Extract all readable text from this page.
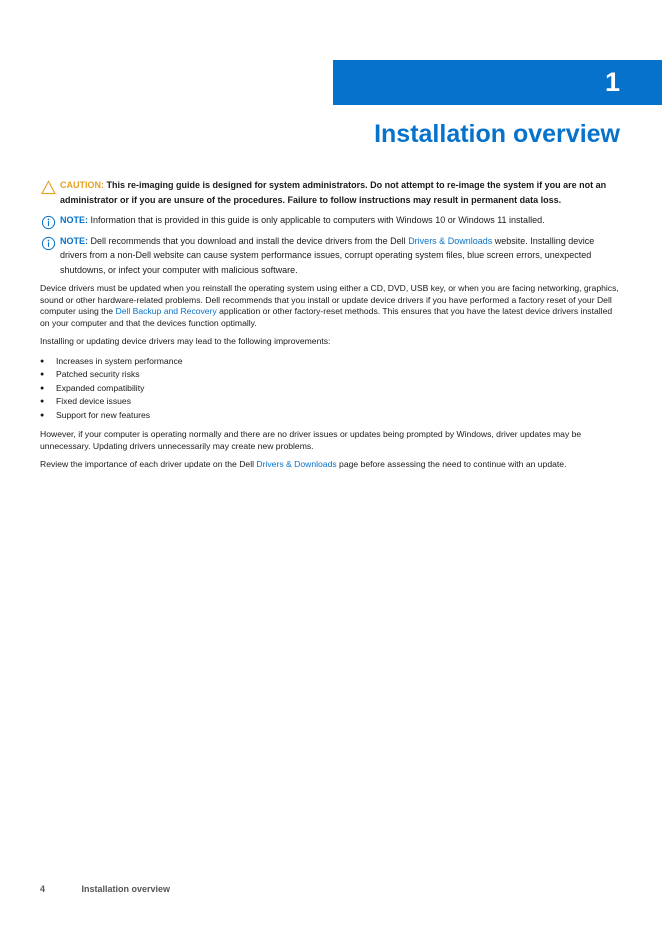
1
Installation overview
CAUTION: This re-imaging guide is designed for system administrators. Do not attempt to re-image the system if you are not an administrator or if you are unsure of the procedures. Failure to follow instructions may result in permanent data loss.
NOTE: Information that is provided in this guide is only applicable to computers with Windows 10 or Windows 11 installed.
NOTE: Dell recommends that you download and install the device drivers from the Dell Drivers & Downloads website. Installing device drivers from a non-Dell website can cause system performance issues, corrupt operating system files, blue screen errors, unexpected shutdowns, or infect your computer with malicious software.

Device drivers must be updated when you reinstall the operating system using either a CD, DVD, USB key, or when you are facing networking, graphics, sound or other hardware-related problems. Dell recommends that you install or update device drivers if you have performed a factory reset of your Dell computer using the Dell Backup and Recovery application or other factory-reset methods. This ensures that you have the latest device drivers installed on your computer and that the devices function optimally.

Installing or updating device drivers may lead to the following improvements:

● Increases in system performance
● Patched security risks
● Expanded compatibility
● Fixed device issues
● Support for new features

However, if your computer is operating normally and there are no driver issues or updates being prompted by Windows, driver updates may be unnecessary. Updating drivers unnecessarily may create new problems.

Review the importance of each driver update on the Dell Drivers & Downloads page before assessing the need to continue with an update.

4	Installation overview
